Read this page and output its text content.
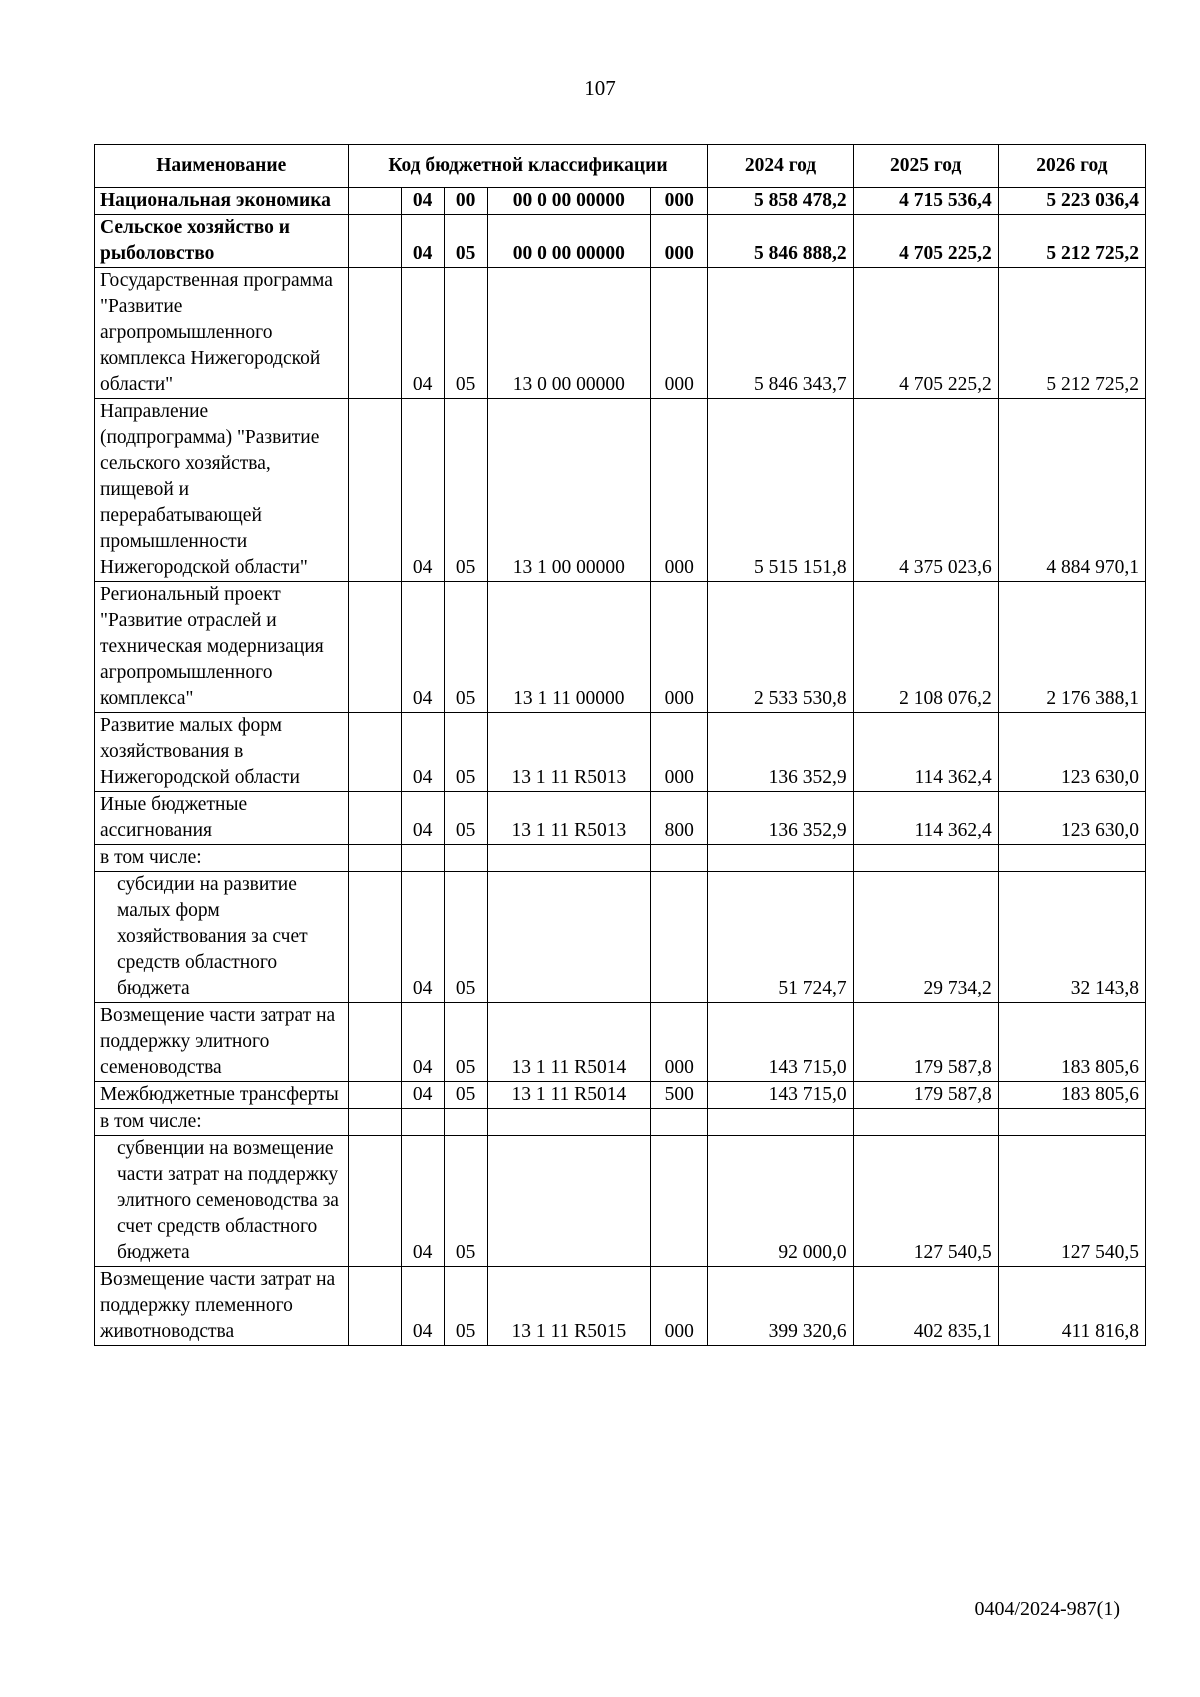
107
Наименование	Код бюджетной классификации					2024 год	2025 год	2026 год
Национальная экономика		04	00	00 0 00 00000	000	5 858 478,2	4 715 536,4	5 223 036,4
Сельское хозяйство и рыболовство		04	05	00 0 00 00000	000	5 846 888,2	4 705 225,2	5 212 725,2
Государственная программа "Развитие агропромышленного комплекса Нижегородской области"		04	05	13 0 00 00000	000	5 846 343,7	4 705 225,2	5 212 725,2
Направление (подпрограмма) "Развитие сельского хозяйства, пищевой и перерабатывающей промышленности Нижегородской области"		04	05	13 1 00 00000	000	5 515 151,8	4 375 023,6	4 884 970,1
Региональный проект "Развитие отраслей и техническая модернизация агропромышленного комплекса"		04	05	13 1 11 00000	000	2 533 530,8	2 108 076,2	2 176 388,1
Развитие малых форм хозяйствования в Нижегородской области		04	05	13 1 11 R5013	000	136 352,9	114 362,4	123 630,0
Иные бюджетные ассигнования		04	05	13 1 11 R5013	800	136 352,9	114 362,4	123 630,0
в том числе:								
субсидии на развитие малых форм хозяйствования за счет средств областного бюджета		04	05			51 724,7	29 734,2	32 143,8
Возмещение части затрат на поддержку элитного семеноводства		04	05	13 1 11 R5014	000	143 715,0	179 587,8	183 805,6
Межбюджетные трансферты		04	05	13 1 11 R5014	500	143 715,0	179 587,8	183 805,6
в том числе:								
субвенции на возмещение части затрат на поддержку элитного семеноводства за счет средств областного бюджета		04	05			92 000,0	127 540,5	127 540,5
Возмещение части затрат на поддержку племенного животноводства		04	05	13 1 11 R5015	000	399 320,6	402 835,1	411 816,8
0404/2024-987(1)
